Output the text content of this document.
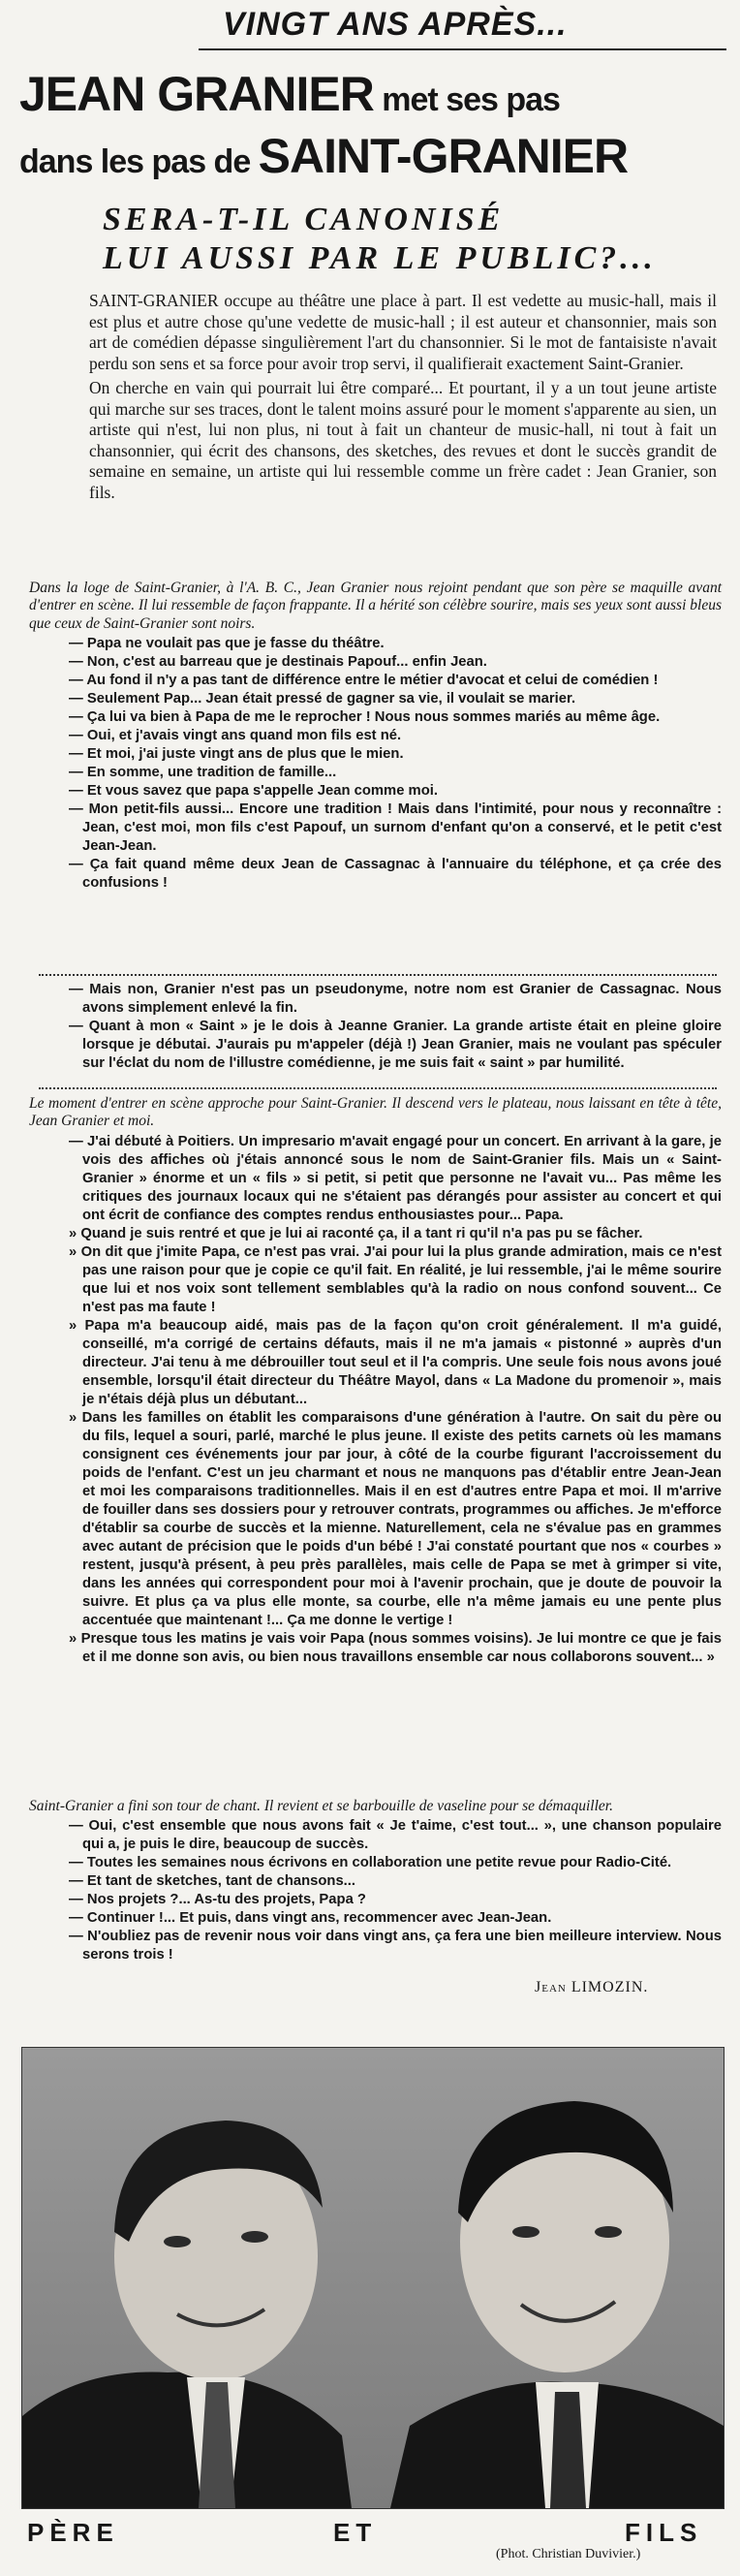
VINGT ANS APRÈS...
JEAN GRANIER met ses pas
dans les pas de SAINT-GRANIER
SERA-T-IL CANONISÉ
LUI AUSSI PAR LE PUBLIC?...

SAINT-GRANIER occupe au théâtre une place à part. Il est vedette au music-hall, mais il est plus et autre chose qu'une vedette de music-hall ; il est auteur et chansonnier, mais son art de comédien dépasse singulièrement l'art du chansonnier. Si le mot de fantaisiste n'avait perdu son sens et sa force pour avoir trop servi, il qualifierait exactement Saint-Granier.

On cherche en vain qui pourrait lui être comparé... Et pourtant, il y a un tout jeune artiste qui marche sur ses traces, dont le talent moins assuré pour le moment s'apparente au sien, un artiste qui n'est, lui non plus, ni tout à fait un chanteur de music-hall, ni tout à fait un chansonnier, qui écrit des chansons, des sketches, des revues et dont le succès grandit de semaine en semaine, un artiste qui lui ressemble comme un frère cadet : Jean Granier, son fils.

Dans la loge de Saint-Granier, à l'A. B. C., Jean Granier nous rejoint pendant que son père se maquille avant d'entrer en scène. Il lui ressemble de façon frappante. Il a hérité son célèbre sourire, mais ses yeux sont aussi bleus que ceux de Saint-Granier sont noirs.

— Papa ne voulait pas que je fasse du théâtre.

— Non, c'est au barreau que je destinais Papouf... enfin Jean.

— Au fond il n'y a pas tant de différence entre le métier d'avocat et celui de comédien !

— Seulement Pap... Jean était pressé de gagner sa vie, il voulait se marier.

— Ça lui va bien à Papa de me le reprocher ! Nous nous sommes mariés au même âge.

— Oui, et j'avais vingt ans quand mon fils est né.

— Et moi, j'ai juste vingt ans de plus que le mien.

— En somme, une tradition de famille...

— Et vous savez que papa s'appelle Jean comme moi.

— Mon petit-fils aussi... Encore une tradition ! Mais dans l'intimité, pour nous y reconnaître : Jean, c'est moi, mon fils c'est Papouf, un surnom d'enfant qu'on a conservé, et le petit c'est Jean-Jean.

— Ça fait quand même deux Jean de Cassagnac à l'annuaire du téléphone, et ça crée des confusions !

— Mais non, Granier n'est pas un pseudonyme, notre nom est Granier de Cassagnac. Nous avons simplement enlevé la fin.

— Quant à mon « Saint » je le dois à Jeanne Granier. La grande artiste était en pleine gloire lorsque je débutai. J'aurais pu m'appeler (déjà !) Jean Granier, mais ne voulant pas spéculer sur l'éclat du nom de l'illustre comédienne, je me suis fait « saint » par humilité.

Le moment d'entrer en scène approche pour Saint-Granier. Il descend vers le plateau, nous laissant en tête à tête, Jean Granier et moi.

— J'ai débuté à Poitiers. Un impresario m'avait engagé pour un concert. En arrivant à la gare, je vois des affiches où j'étais annoncé sous le nom de Saint-Granier fils. Mais un « Saint-Granier » énorme et un « fils » si petit, si petit que personne ne l'avait vu... Pas même les critiques des journaux locaux qui ne s'étaient pas dérangés pour assister au concert et qui ont écrit de confiance des comptes rendus enthousiastes pour... Papa.

» Quand je suis rentré et que je lui ai raconté ça, il a tant ri qu'il n'a pas pu se fâcher.

» On dit que j'imite Papa, ce n'est pas vrai. J'ai pour lui la plus grande admiration, mais ce n'est pas une raison pour que je copie ce qu'il fait. En réalité, je lui ressemble, j'ai le même sourire que lui et nos voix sont tellement semblables qu'à la radio on nous confond souvent... Ce n'est pas ma faute !

» Papa m'a beaucoup aidé, mais pas de la façon qu'on croit généralement. Il m'a guidé, conseillé, m'a corrigé de certains défauts, mais il ne m'a jamais « pistonné » auprès d'un directeur. J'ai tenu à me débrouiller tout seul et il l'a compris. Une seule fois nous avons joué ensemble, lorsqu'il était directeur du Théâtre Mayol, dans « La Madone du promenoir », mais je n'étais déjà plus un débutant...

» Dans les familles on établit les comparaisons d'une génération à l'autre. On sait du père ou du fils, lequel a souri, parlé, marché le plus jeune. Il existe des petits carnets où les mamans consignent ces événements jour par jour, à côté de la courbe figurant l'accroissement du poids de l'enfant. C'est un jeu charmant et nous ne manquons pas d'établir entre Jean-Jean et moi les comparaisons traditionnelles. Mais il en est d'autres entre Papa et moi. Il m'arrive de fouiller dans ses dossiers pour y retrouver contrats, programmes ou affiches. Je m'efforce d'établir sa courbe de succès et la mienne. Naturellement, cela ne s'évalue pas en grammes avec autant de précision que le poids d'un bébé ! J'ai constaté pourtant que nos « courbes » restent, jusqu'à présent, à peu près parallèles, mais celle de Papa se met à grimper si vite, dans les années qui correspondent pour moi à l'avenir prochain, que je doute de pouvoir la suivre. Et plus ça va plus elle monte, sa courbe, elle n'a même jamais eu une pente plus accentuée que maintenant !... Ça me donne le vertige !

» Presque tous les matins je vais voir Papa (nous sommes voisins). Je lui montre ce que je fais et il me donne son avis, ou bien nous travaillons ensemble car nous collaborons souvent... »

Saint-Granier a fini son tour de chant. Il revient et se barbouille de vaseline pour se démaquiller.

— Oui, c'est ensemble que nous avons fait « Je t'aime, c'est tout... », une chanson populaire qui a, je puis le dire, beaucoup de succès.

— Toutes les semaines nous écrivons en collaboration une petite revue pour Radio-Cité.

— Et tant de sketches, tant de chansons...

— Nos projets ?... As-tu des projets, Papa ?

— Continuer !... Et puis, dans vingt ans, recommencer avec Jean-Jean.

— N'oubliez pas de revenir nous voir dans vingt ans, ça fera une bien meilleure interview. Nous serons trois !

Jean LIMOZIN.
PÈRE	ET	FILS
(Phot. Christian Duvivier.)
